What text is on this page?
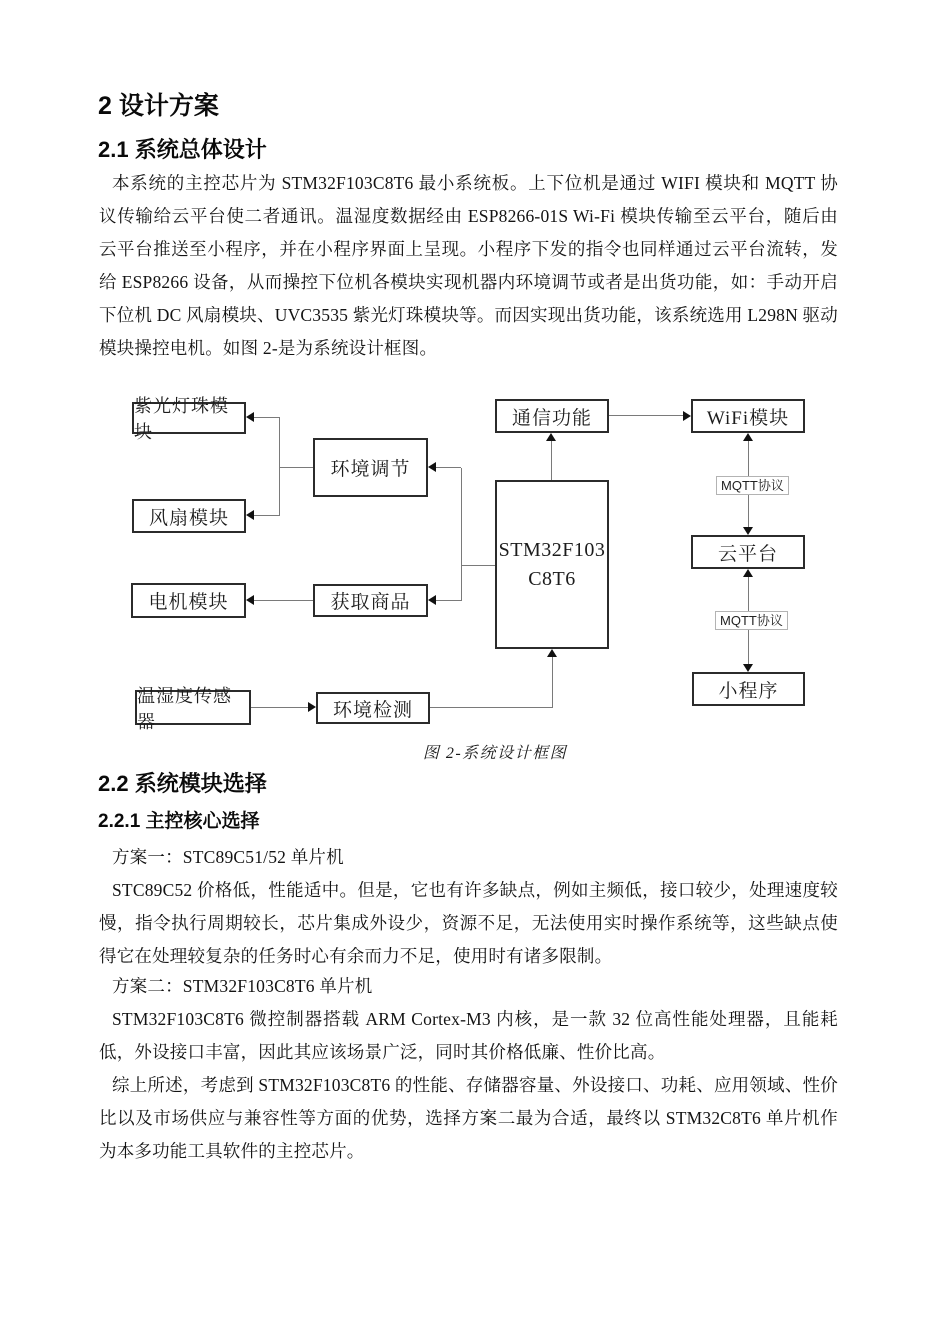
2 设计方案
2.1 系统总体设计
本系统的主控芯片为 STM32F103C8T6 最小系统板。上下位机是通过 WIFI 模块和 MQTT 协议传输给云平台使二者通讯。温湿度数据经由 ESP8266-01S Wi-Fi 模块传输至云平台，随后由云平台推送至小程序，并在小程序界面上呈现。小程序下发的指令也同样通过云平台流转，发给 ESP8266 设备，从而操控下位机各模块实现机器内环境调节或者是出货功能，如：手动开启下位机 DC 风扇模块、UVC3535 紫光灯珠模块等。而因实现出货功能，该系统选用 L298N 驱动模块操控电机。如图 2-是为系统设计框图。
紫光灯珠模块
风扇模块
电机模块
温湿度传感器
环境调节
获取商品
环境检测
STM32F103
C8T6
通信功能	WiFi模块
云平台
小程序
MQTT协议
MQTT协议
图 2-系统设计框图
2.2 系统模块选择
2.2.1 主控核心选择
方案一：STC89C51/52 单片机
STC89C52 价格低，性能适中。但是，它也有许多缺点，例如主频低，接口较少，处理速度较慢，指令执行周期较长，芯片集成外设少，资源不足，无法使用实时操作系统等，这些缺点使得它在处理较复杂的任务时心有余而力不足，使用时有诸多限制。
方案二：STM32F103C8T6 单片机
STM32F103C8T6 微控制器搭载 ARM Cortex-M3 内核，是一款 32 位高性能处理器，且能耗低，外设接口丰富，因此其应该场景广泛，同时其价格低廉、性价比高。
综上所述，考虑到 STM32F103C8T6 的性能、存储器容量、外设接口、功耗、应用领域、性价比以及市场供应与兼容性等方面的优势，选择方案二最为合适，最终以 STM32C8T6 单片机作为本多功能工具软件的主控芯片。
